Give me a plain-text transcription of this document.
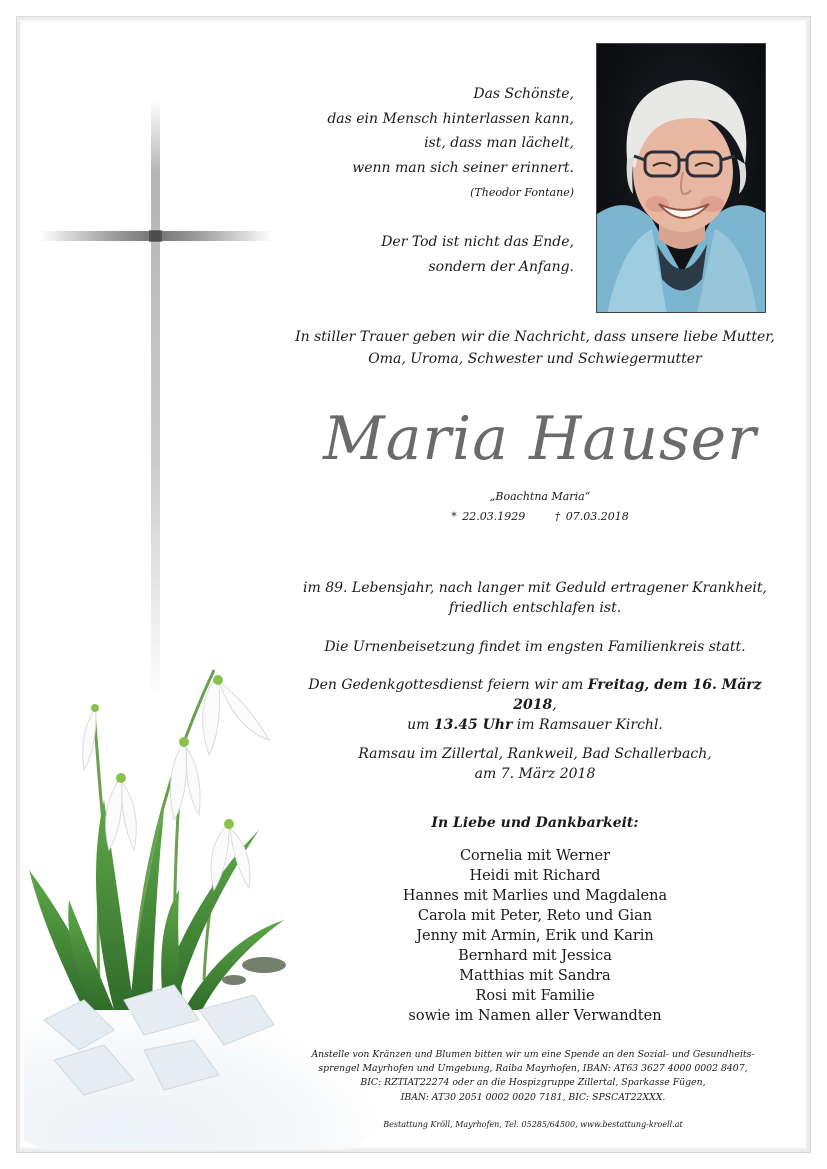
Das Schönste,
das ein Mensch hinterlassen kann,
ist, dass man lächelt,
wenn man sich seiner erinnert.
(Theodor Fontane)
Der Tod ist nicht das Ende,
sondern der Anfang.
In stiller Trauer geben wir die Nachricht, dass unsere liebe Mutter,
Oma, Uroma, Schwester und Schwiegermutter
Maria Hauser
„Boachtna Maria“
* 22.03.1929	† 07.03.2018
im 89. Lebensjahr, nach langer mit Geduld ertragener Krankheit,
friedlich entschlafen ist.
Die Urnenbeisetzung findet im engsten Familienkreis statt.
Den Gedenkgottesdienst feiern wir am Freitag, dem 16. März 2018,
um 13.45 Uhr im Ramsauer Kirchl.
Ramsau im Zillertal, Rankweil, Bad Schallerbach,
am 7. März 2018
In Liebe und Dankbarkeit:
Cornelia mit Werner
Heidi mit Richard
Hannes mit Marlies und Magdalena
Carola mit Peter, Reto und Gian
Jenny mit Armin, Erik und Karin
Bernhard mit Jessica
Matthias mit Sandra
Rosi mit Familie
sowie im Namen aller Verwandten
Anstelle von Kränzen und Blumen bitten wir um eine Spende an den Sozial- und Gesundheits-
sprengel Mayrhofen und Umgebung, Raiba Mayrhofen, IBAN: AT63 3627 4000 0002 8407,
BIC: RZTIAT22274 oder an die Hospizgruppe Zillertal, Sparkasse Fügen,
IBAN: AT30 2051 0002 0020 7181, BIC: SPSCAT22XXX.
Bestattung Kröll, Mayrhofen, Tel. 05285/64500, www.bestattung-kroell.at
